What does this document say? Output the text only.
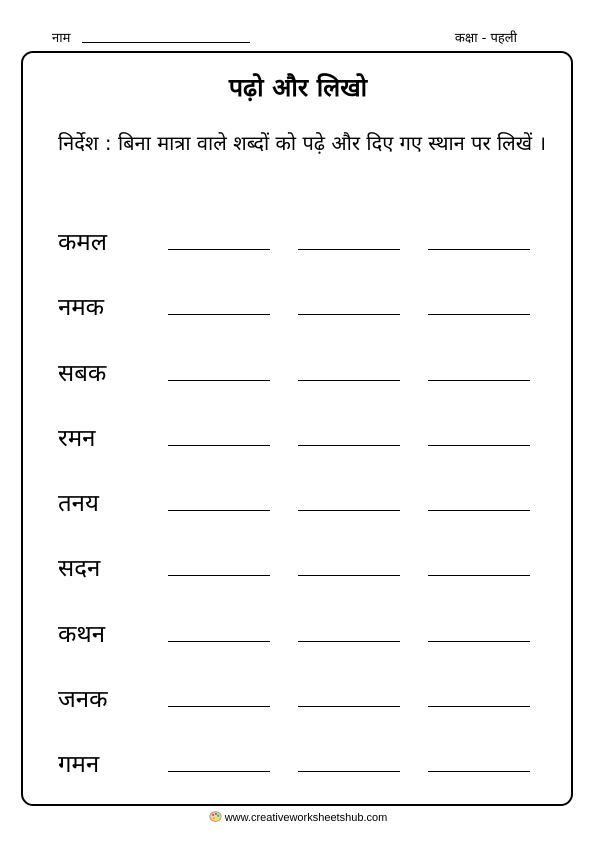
नाम	कक्षा - पहली
पढ़ो और लिखो
निर्देश : बिना मात्रा वाले शब्दों को पढ़े और दिए गए स्थान पर लिखें ।
कमल
नमक
सबक
रमन
तनय
सदन
कथन
जनक
गमन
www.creativeworksheetshub.com
